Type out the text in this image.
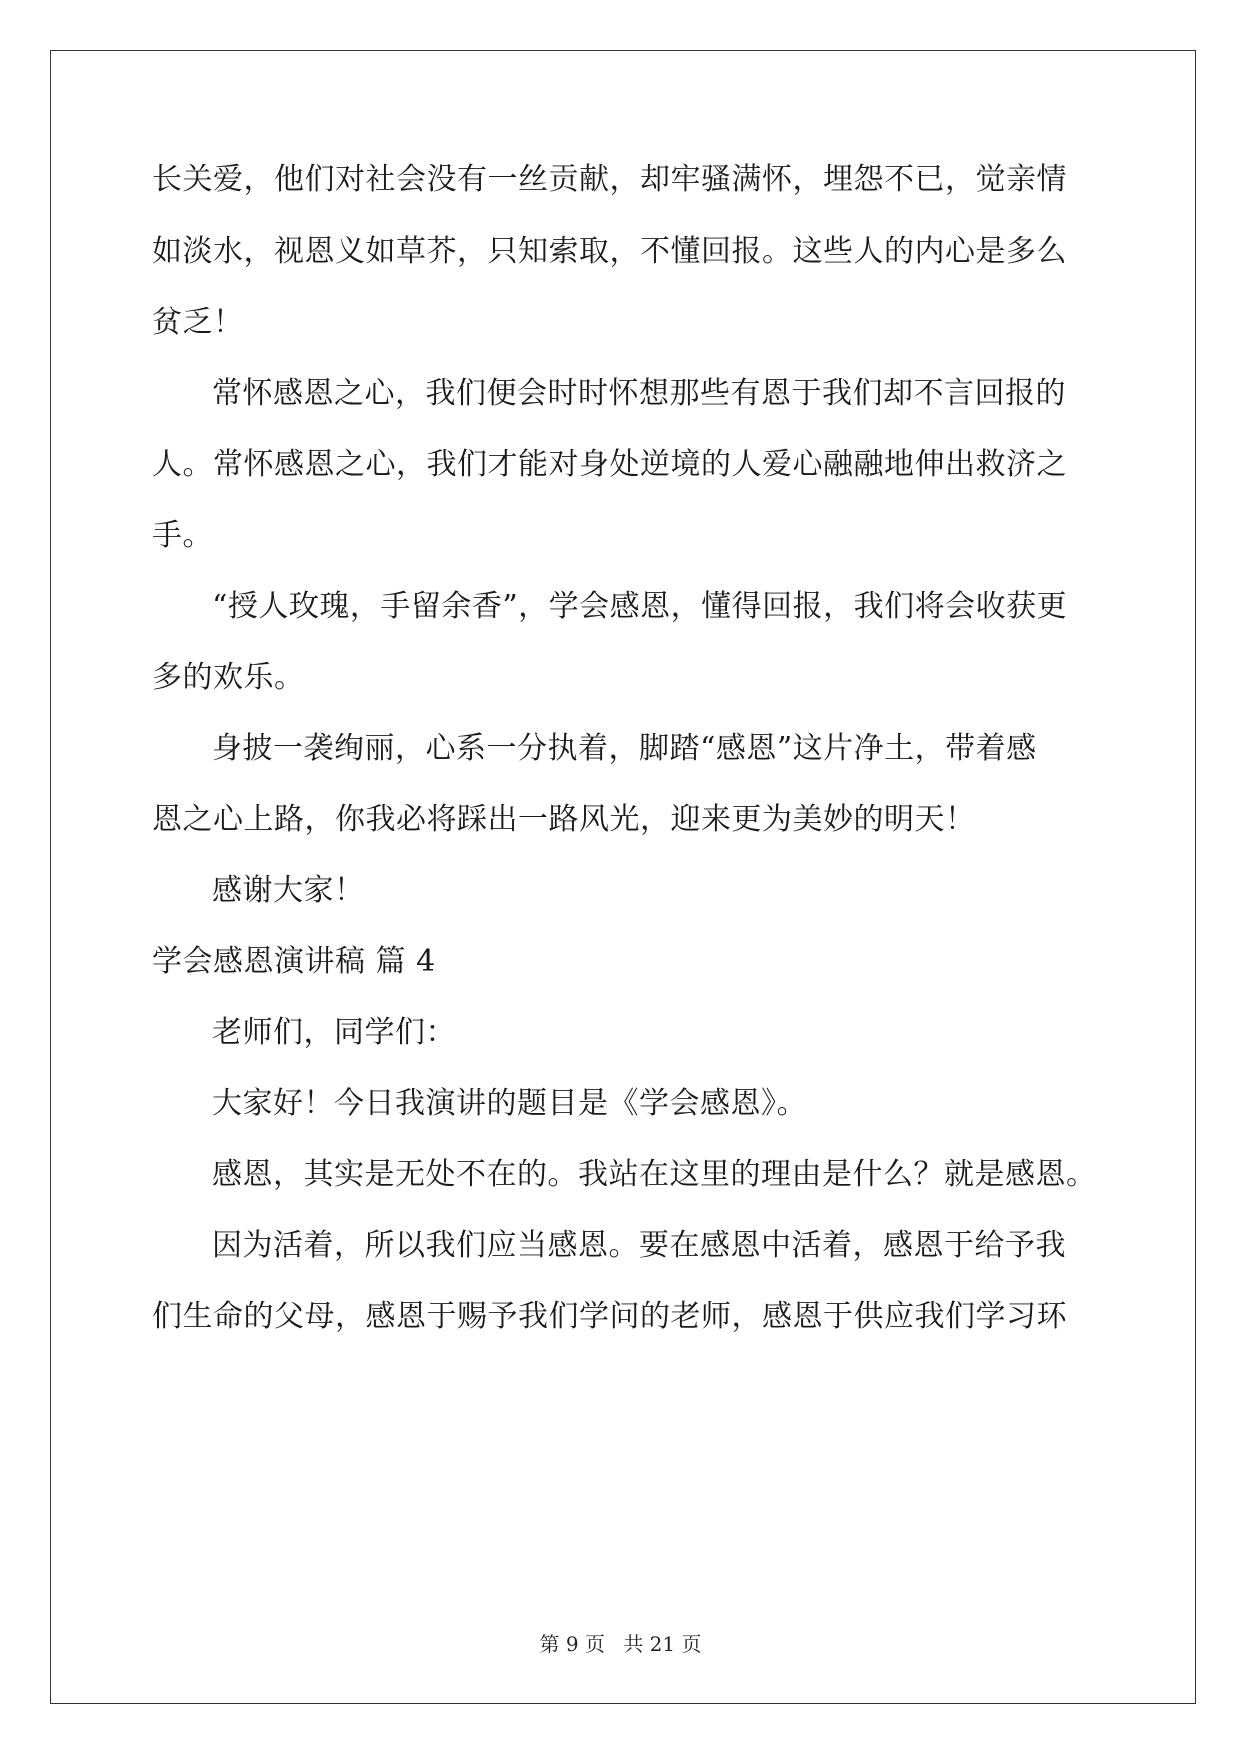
长关爱，他们对社会没有一丝贡献，却牢骚满怀，埋怨不已，觉亲情
如淡水，视恩义如草芥，只知索取，不懂回报。这些人的内心是多么
贫乏！
常怀感恩之心，我们便会时时怀想那些有恩于我们却不言回报的
人。常怀感恩之心，我们才能对身处逆境的人爱心融融地伸出救济之
手。
“授人玫瑰，手留余香”，学会感恩，懂得回报，我们将会收获更
多的欢乐。
身披一袭绚丽，心系一分执着，脚踏“感恩”这片净土，带着感
恩之心上路，你我必将踩出一路风光，迎来更为美妙的明天！
感谢大家！
学会感恩演讲稿 篇 4
老师们，同学们：
大家好！今日我演讲的题目是《学会感恩》。
感恩，其实是无处不在的。我站在这里的理由是什么？就是感恩。
因为活着，所以我们应当感恩。要在感恩中活着，感恩于给予我
们生命的父母，感恩于赐予我们学问的老师，感恩于供应我们学习环
第 9 页 共 21 页
